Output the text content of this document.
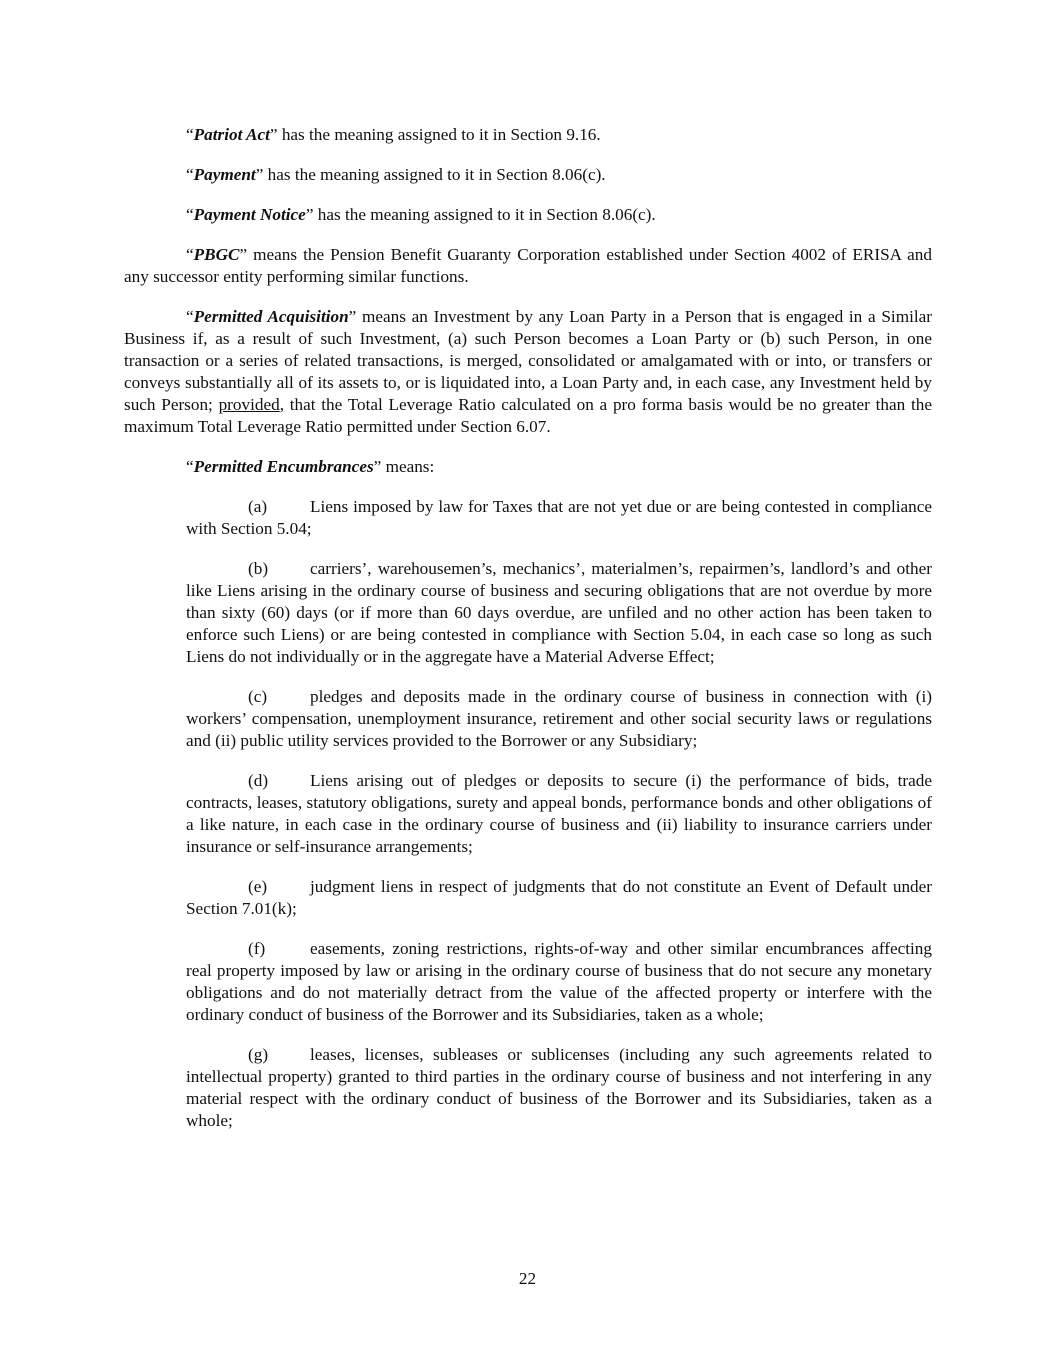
“Patriot Act” has the meaning assigned to it in Section 9.16.

“Payment” has the meaning assigned to it in Section 8.06(c).

“Payment Notice” has the meaning assigned to it in Section 8.06(c).

“PBGC” means the Pension Benefit Guaranty Corporation established under Section 4002 of ERISA and any successor entity performing similar functions.

“Permitted Acquisition” means an Investment by any Loan Party in a Person that is engaged in a Similar Business if, as a result of such Investment, (a) such Person becomes a Loan Party or (b) such Person, in one transaction or a series of related transactions, is merged, consolidated or amalgamated with or into, or transfers or conveys substantially all of its assets to, or is liquidated into, a Loan Party and, in each case, any Investment held by such Person; provided, that the Total Leverage Ratio calculated on a pro forma basis would be no greater than the maximum Total Leverage Ratio permitted under Section 6.07.

“Permitted Encumbrances” means:

(a) Liens imposed by law for Taxes that are not yet due or are being contested in compliance with Section 5.04;

(b) carriers’, warehousemen’s, mechanics’, materialmen’s, repairmen’s, landlord’s and other like Liens arising in the ordinary course of business and securing obligations that are not overdue by more than sixty (60) days (or if more than 60 days overdue, are unfiled and no other action has been taken to enforce such Liens) or are being contested in compliance with Section 5.04, in each case so long as such Liens do not individually or in the aggregate have a Material Adverse Effect;

(c) pledges and deposits made in the ordinary course of business in connection with (i) workers’ compensation, unemployment insurance, retirement and other social security laws or regulations and (ii) public utility services provided to the Borrower or any Subsidiary;

(d) Liens arising out of pledges or deposits to secure (i) the performance of bids, trade contracts, leases, statutory obligations, surety and appeal bonds, performance bonds and other obligations of a like nature, in each case in the ordinary course of business and (ii) liability to insurance carriers under insurance or self-insurance arrangements;

(e) judgment liens in respect of judgments that do not constitute an Event of Default under Section 7.01(k);

(f)	easements, zoning restrictions, rights-of-way and other similar encumbrances affecting real property imposed by law or arising in the ordinary course of business that do not secure any monetary obligations and do not materially detract from the value of the affected property or interfere with the ordinary conduct of business of the Borrower and its Subsidiaries, taken as a whole;

(g) leases, licenses, subleases or sublicenses (including any such agreements related to intellectual property) granted to third parties in the ordinary course of business and not interfering in any material respect with the ordinary conduct of business of the Borrower and its Subsidiaries, taken as a whole;

22
